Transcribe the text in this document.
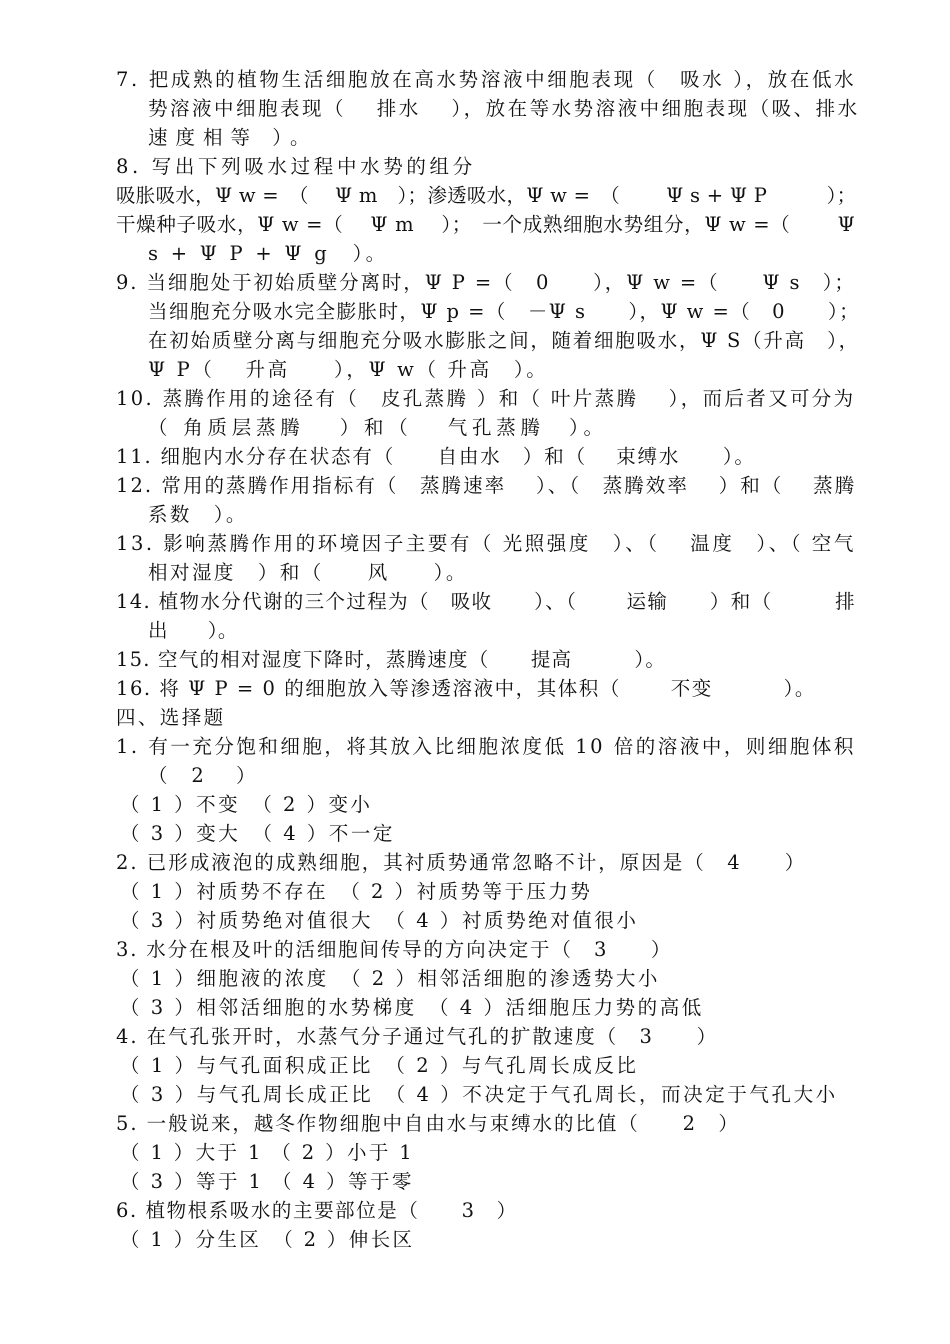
7. 把成熟的植物生活细胞放在高水势溶液中细胞表现（　吸水 ），放在低水
势溶液中细胞表现（　 排水　 ），放在等水势溶液中细胞表现（吸、排水
速度相等 ）。
8. 写出下列吸水过程中水势的组分
吸胀吸水，Ψ w =　（　 Ψ m　）；渗透吸水，Ψ w =　（　　 Ψ s + Ψ P　　　）；
干燥种子吸水，Ψ w =（　 Ψ m　 ）；　一个成熟细胞水势组分，Ψ w =（　　 Ψ
s + Ψ P + Ψ g　）。
9. 当细胞处于初始质壁分离时，Ψ P =（　0　　），Ψ w =（　　Ψ s　）；
当细胞充分吸水完全膨胀时，Ψ p =（　－Ψ s　　），Ψ w =（　0　　）；
在初始质壁分离与细胞充分吸水膨胀之间，随着细胞吸水，Ψ S（升高　），
Ψ P（　 升高　　），Ψ w（ 升高　）。
10. 蒸腾作用的途径有（　皮孔蒸腾 ）和（ 叶片蒸腾　 ），而后者又可分为
（ 角质层蒸腾　 ）和（　 气孔蒸腾　）。
11. 细胞内水分存在状态有（　　自由水　）和（　 束缚水　　）。
12. 常用的蒸腾作用指标有（　蒸腾速率　 ）、（　蒸腾效率　 ）和（　 蒸腾
系数　）。
13. 影响蒸腾作用的环境因子主要有（ 光照强度　）、（　 温度　）、（ 空气
相对湿度　）和（　　风　　）。
14. 植物水分代谢的三个过程为（　吸收　　）、（　　 运输　　）和（　　　排
出　　）。
15. 空气的相对湿度下降时，蒸腾速度（　　提高　　　）。
16. 将 Ψ P = 0 的细胞放入等渗透溶液中，其体积（　　 不变　　　 ）。
四、选择题
1. 有一充分饱和细胞，将其放入比细胞浓度低 10 倍的溶液中，则细胞体积
（　2　 ）
（ 1 ）不变　（ 2 ）变小
（ 3 ）变大　（ 4 ）不一定
2. 已形成液泡的成熟细胞，其衬质势通常忽略不计，原因是（　4　　）
（ 1 ）衬质势不存在　（ 2 ）衬质势等于压力势
（ 3 ）衬质势绝对值很大　（ 4 ）衬质势绝对值很小
3. 水分在根及叶的活细胞间传导的方向决定于（　3　　）
（ 1 ）细胞液的浓度　（ 2 ）相邻活细胞的渗透势大小
（ 3 ）相邻活细胞的水势梯度　（ 4 ）活细胞压力势的高低
4. 在气孔张开时，水蒸气分子通过气孔的扩散速度（　3　　）
（ 1 ）与气孔面积成正比　（ 2 ）与气孔周长成反比
（ 3 ）与气孔周长成正比　（ 4 ）不决定于气孔周长，而决定于气孔大小
5. 一般说来，越冬作物细胞中自由水与束缚水的比值（　　2　）
（ 1 ）大于 1 （ 2 ）小于 1
（ 3 ）等于 1 （ 4 ）等于零
6. 植物根系吸水的主要部位是（　　3　）
（ 1 ）分生区　（ 2 ）伸长区
